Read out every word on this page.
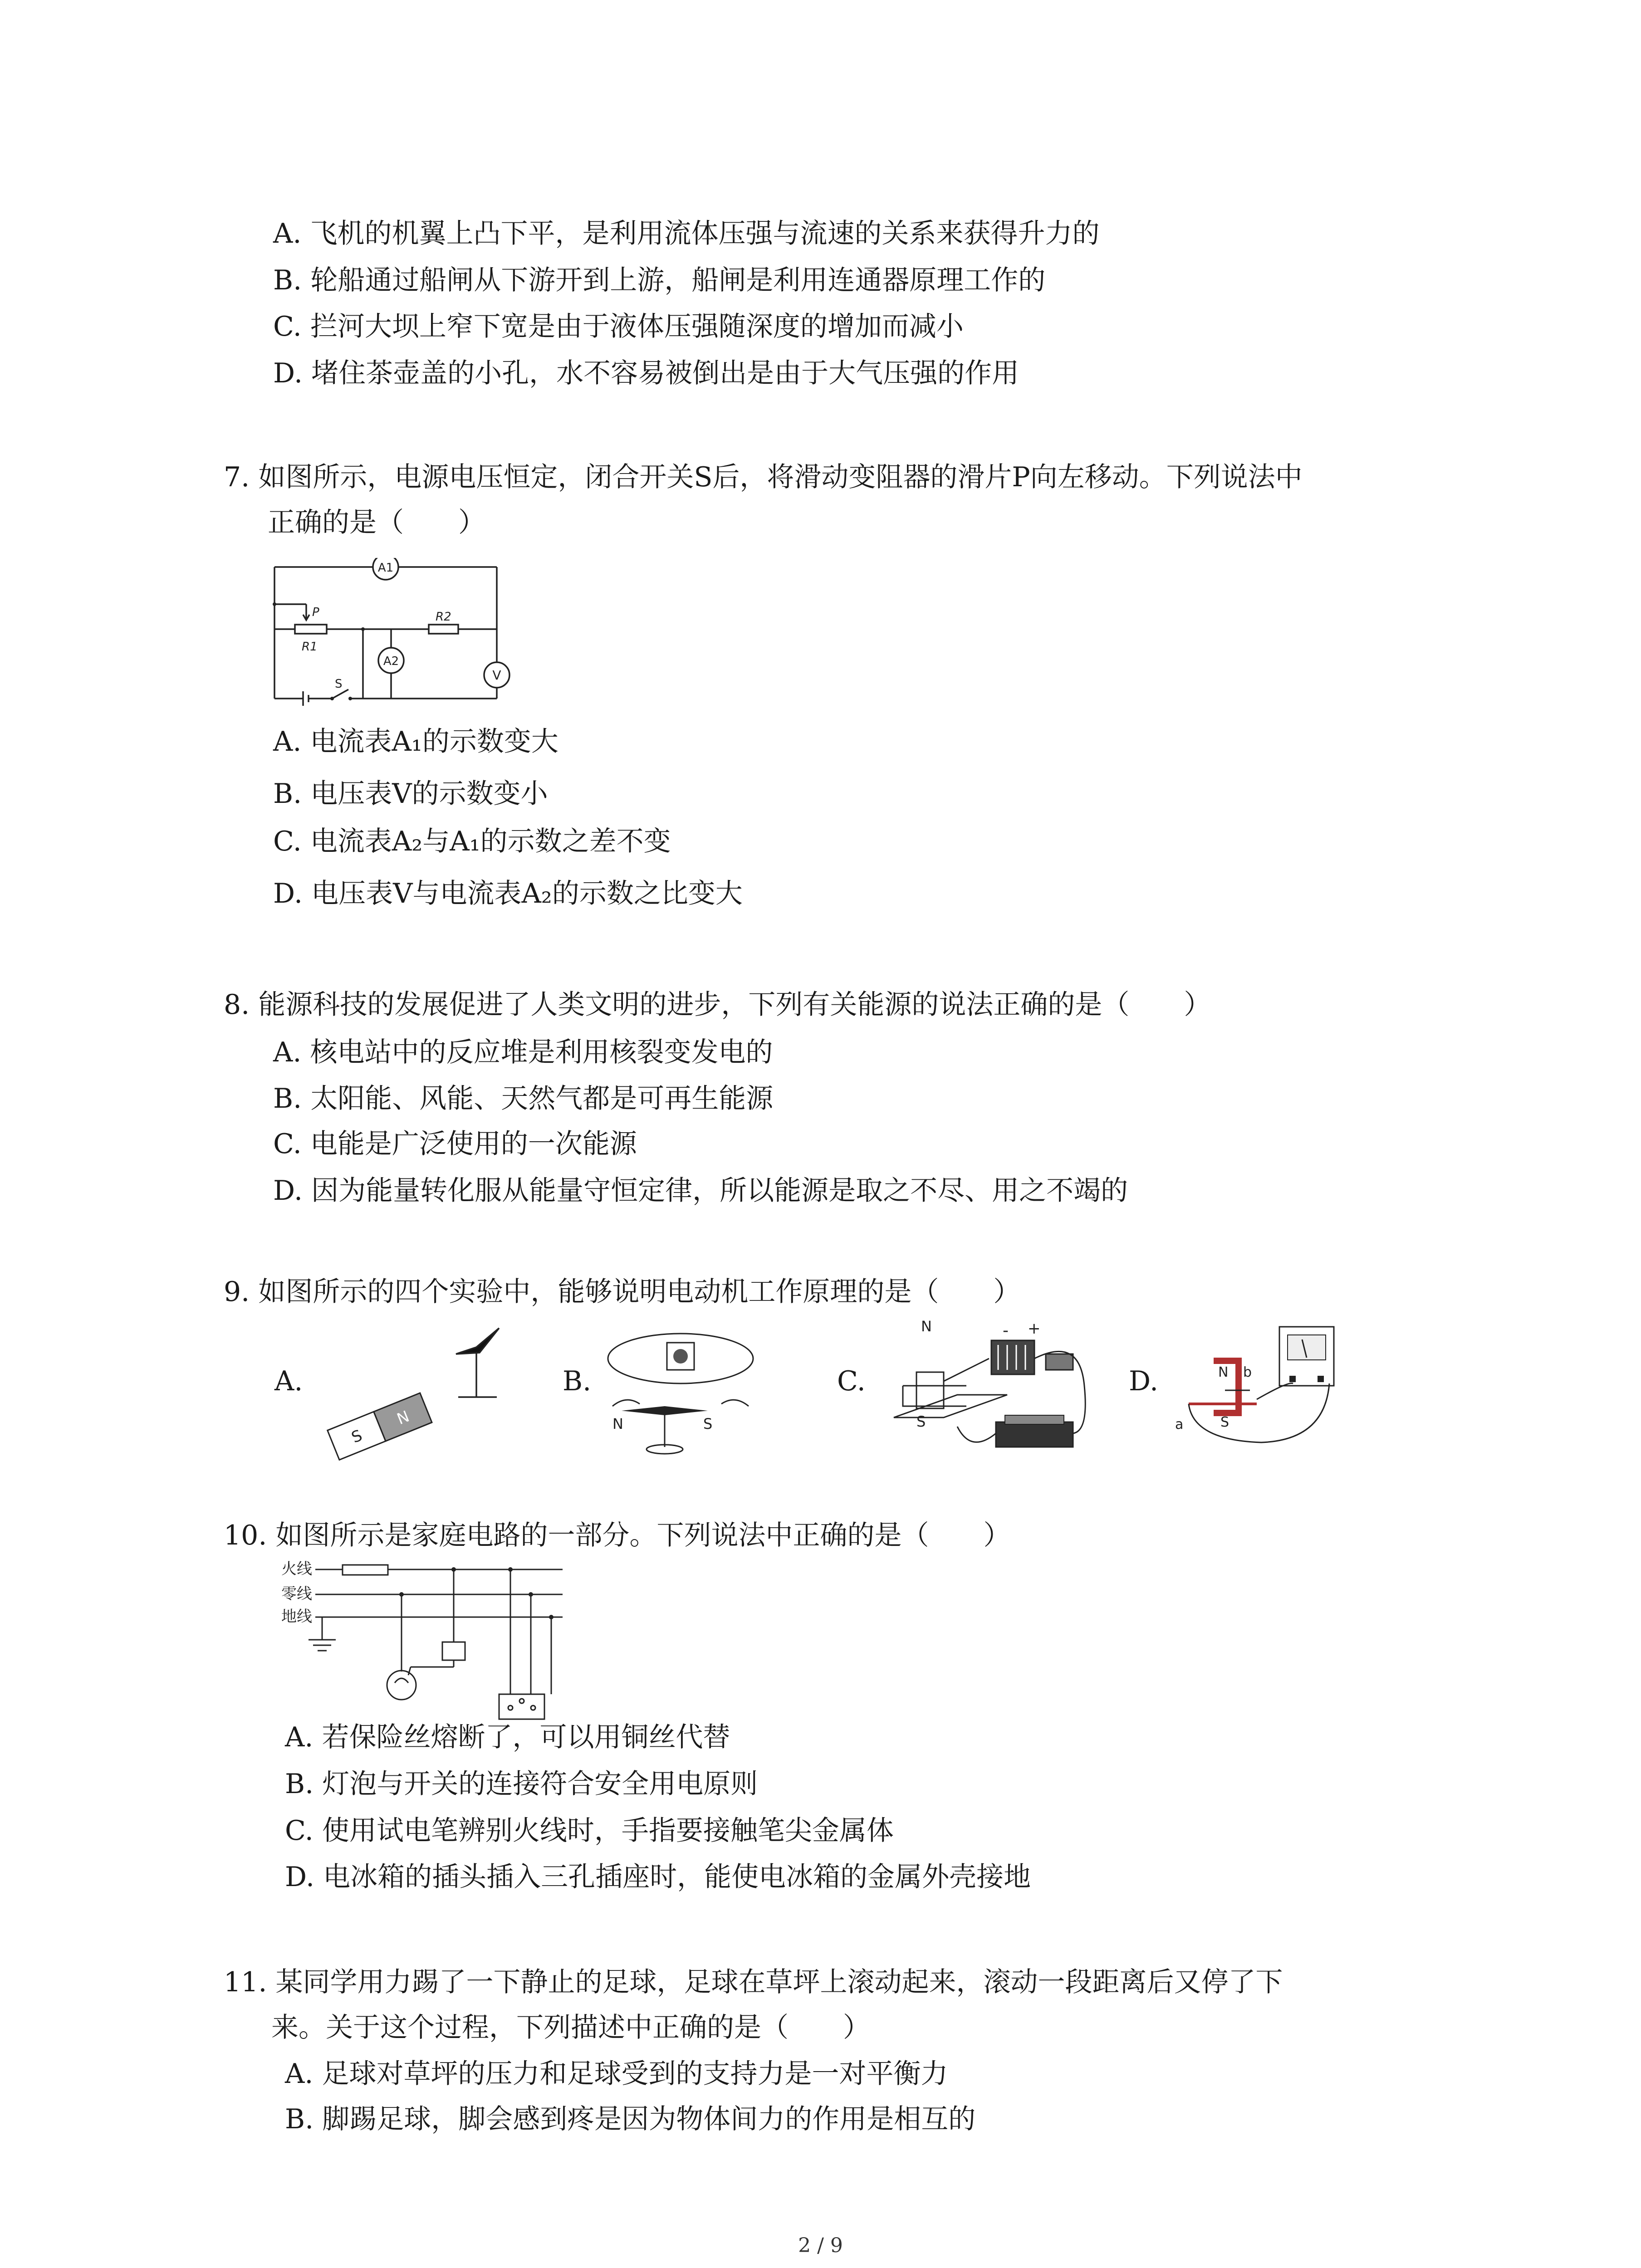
A. 飞机的机翼上凸下平，是利用流体压强与流速的关系来获得升力的
B. 轮船通过船闸从下游开到上游，船闸是利用连通器原理工作的
C. 拦河大坝上窄下宽是由于液体压强随深度的增加而减小
D. 堵住茶壶盖的小孔，水不容易被倒出是由于大气压强的作用
7. 如图所示，电源电压恒定，闭合开关S后，将滑动变阻器的滑片P向左移动。下列说法中
正确的是（　　）
A1
A2
V
P
R1
R2
S
A. 电流表A₁的示数变大
B. 电压表V的示数变小
C. 电流表A₂与A₁的示数之差不变
D. 电压表V与电流表A₂的示数之比变大
8. 能源科技的发展促进了人类文明的进步，下列有关能源的说法正确的是（　　）
A. 核电站中的反应堆是利用核裂变发电的
B. 太阳能、风能、天然气都是可再生能源
C. 电能是广泛使用的一次能源
D. 因为能量转化服从能量守恒定律，所以能源是取之不尽、用之不竭的
9. 如图所示的四个实验中，能够说明电动机工作原理的是（　　）
A.
S
N
B.
N	S
C.
N
S
- +
D.	N
S
a
b
10. 如图所示是家庭电路的一部分。下列说法中正确的是（　　）
火线
零线
地线
A. 若保险丝熔断了，可以用铜丝代替
B. 灯泡与开关的连接符合安全用电原则
C. 使用试电笔辨别火线时，手指要接触笔尖金属体
D. 电冰箱的插头插入三孔插座时，能使电冰箱的金属外壳接地
11. 某同学用力踢了一下静止的足球，足球在草坪上滚动起来，滚动一段距离后又停了下
来。关于这个过程，下列描述中正确的是（　　）
A. 足球对草坪的压力和足球受到的支持力是一对平衡力
B. 脚踢足球，脚会感到疼是因为物体间力的作用是相互的
2 / 9
